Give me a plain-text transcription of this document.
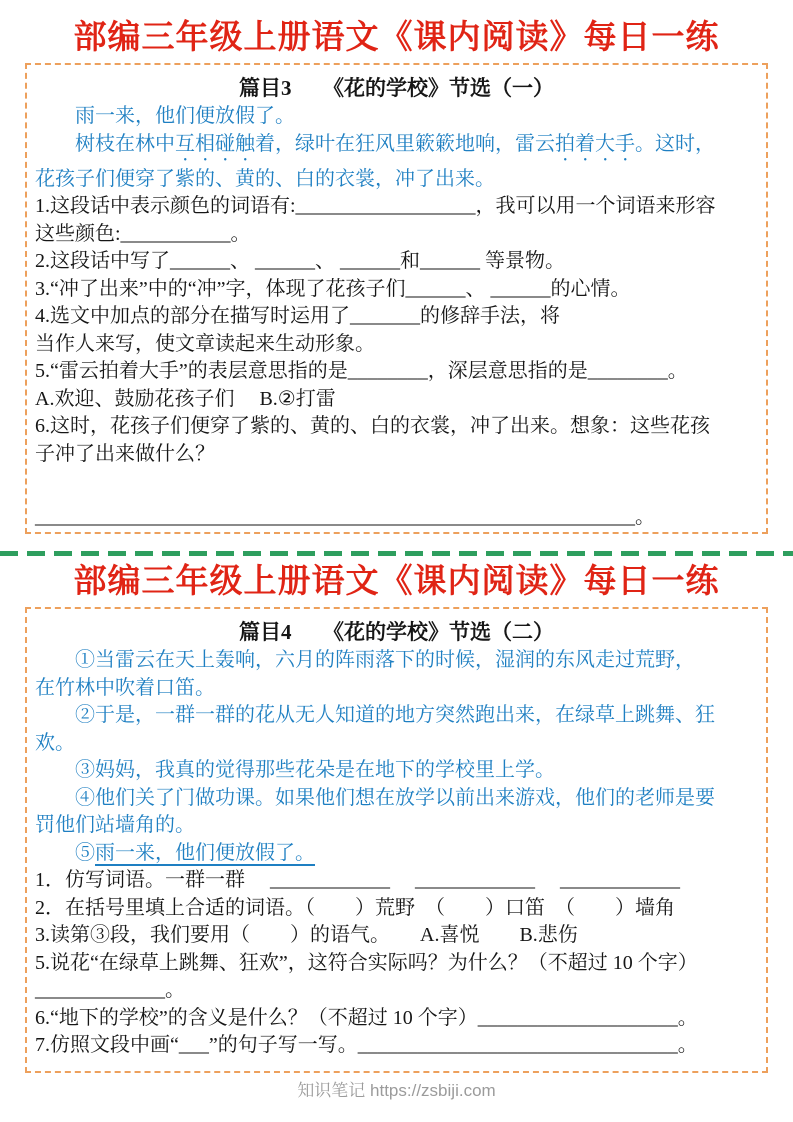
部编三年级上册语文《课内阅读》每日一练
篇目3　　《花的学校》节选（一）
雨一来，他们便放假了。
树枝在林中互相碰触着，绿叶在狂风里簌簌地响，雷云拍着大手。这时，
花孩子们便穿了紫的、黄的、白的衣裳，冲了出来。
1.这段话中表示颜色的词语有:__________________，我可以用一个词语来形容
这些颜色:___________。
2.这段话中写了______、 ______、 ______和______ 等景物。
3.“冲了出来”中的“冲”字，体现了花孩子们______、 ______的心情。
4.选文中加点的部分在描写时运用了_______的修辞手法，将
当作人来写，使文章读起来生动形象。
5.“雷云拍着大手”的表层意思指的是________，深层意思指的是________。
A.欢迎、鼓励花孩子们　 B.②打雷
6.这时，花孩子们便穿了紫的、黄的、白的衣裳，冲了出来。想象：这些花孩
子冲了出来做什么？
____________________________________________________________。
部编三年级上册语文《课内阅读》每日一练
篇目4　　《花的学校》节选（二）
①当雷云在天上轰响，六月的阵雨落下的时候，湿润的东风走过荒野，
在竹林中吹着口笛。
②于是，一群一群的花从无人知道的地方突然跑出来，在绿草上跳舞、狂
欢。
③妈妈，我真的觉得那些花朵是在地下的学校里上学。
④他们关了门做功课。如果他们想在放学以前出来游戏，他们的老师是要
罚他们站墙角的。
⑤雨一来，他们便放假了。
1．仿写词语。一群一群　 ____________ 　____________ 　____________
2．在括号里填上合适的词语。（　　）荒野　（　　）口笛　（　　）墙角
3.读第③段，我们要用（　　）的语气。　　A.喜悦　　B.悲伤
5.说花“在绿草上跳舞、狂欢”，这符合实际吗？为什么？（不超过 10 个字）
_____________。
6.“地下的学校”的含义是什么？（不超过 10 个字）____________________。
7.仿照文段中画“___”的句子写一写。________________________________。
知识笔记 https://zsbiji.com
